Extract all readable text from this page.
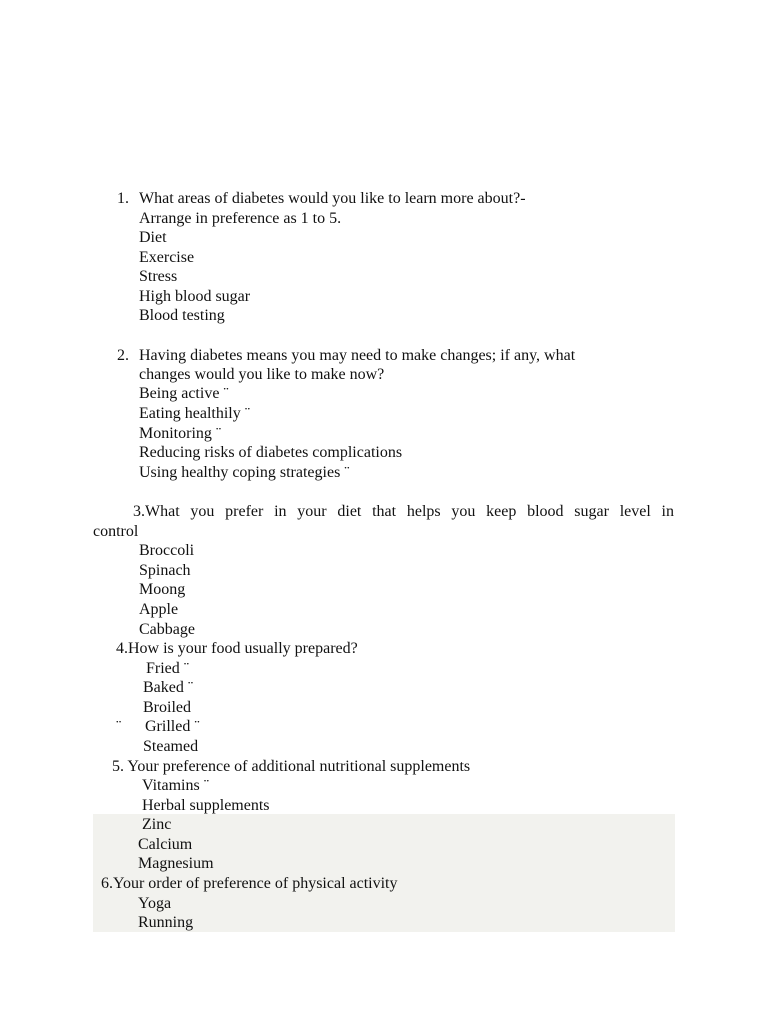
1. What areas of diabetes would you like to learn more about?-
Arrange in preference as 1 to 5.
Diet
Exercise
Stress
High blood sugar
Blood testing
2. Having diabetes means you may need to make changes; if any, what
changes would you like to make now?
Being active ¨
Eating healthily ¨
Monitoring ¨
Reducing risks of diabetes complications
Using healthy coping strategies ¨
3.What you prefer in your diet that helps you keep blood sugar level in
control
Broccoli
Spinach
Moong
Apple
Cabbage
4.How is your food usually prepared?
Fried ¨
Baked ¨
Broiled
¨ Grilled ¨
Steamed
5. Your preference of additional nutritional supplements
Vitamins ¨
Herbal supplements
Zinc
Calcium
Magnesium
6.Your order of preference of physical activity
Yoga
Running
